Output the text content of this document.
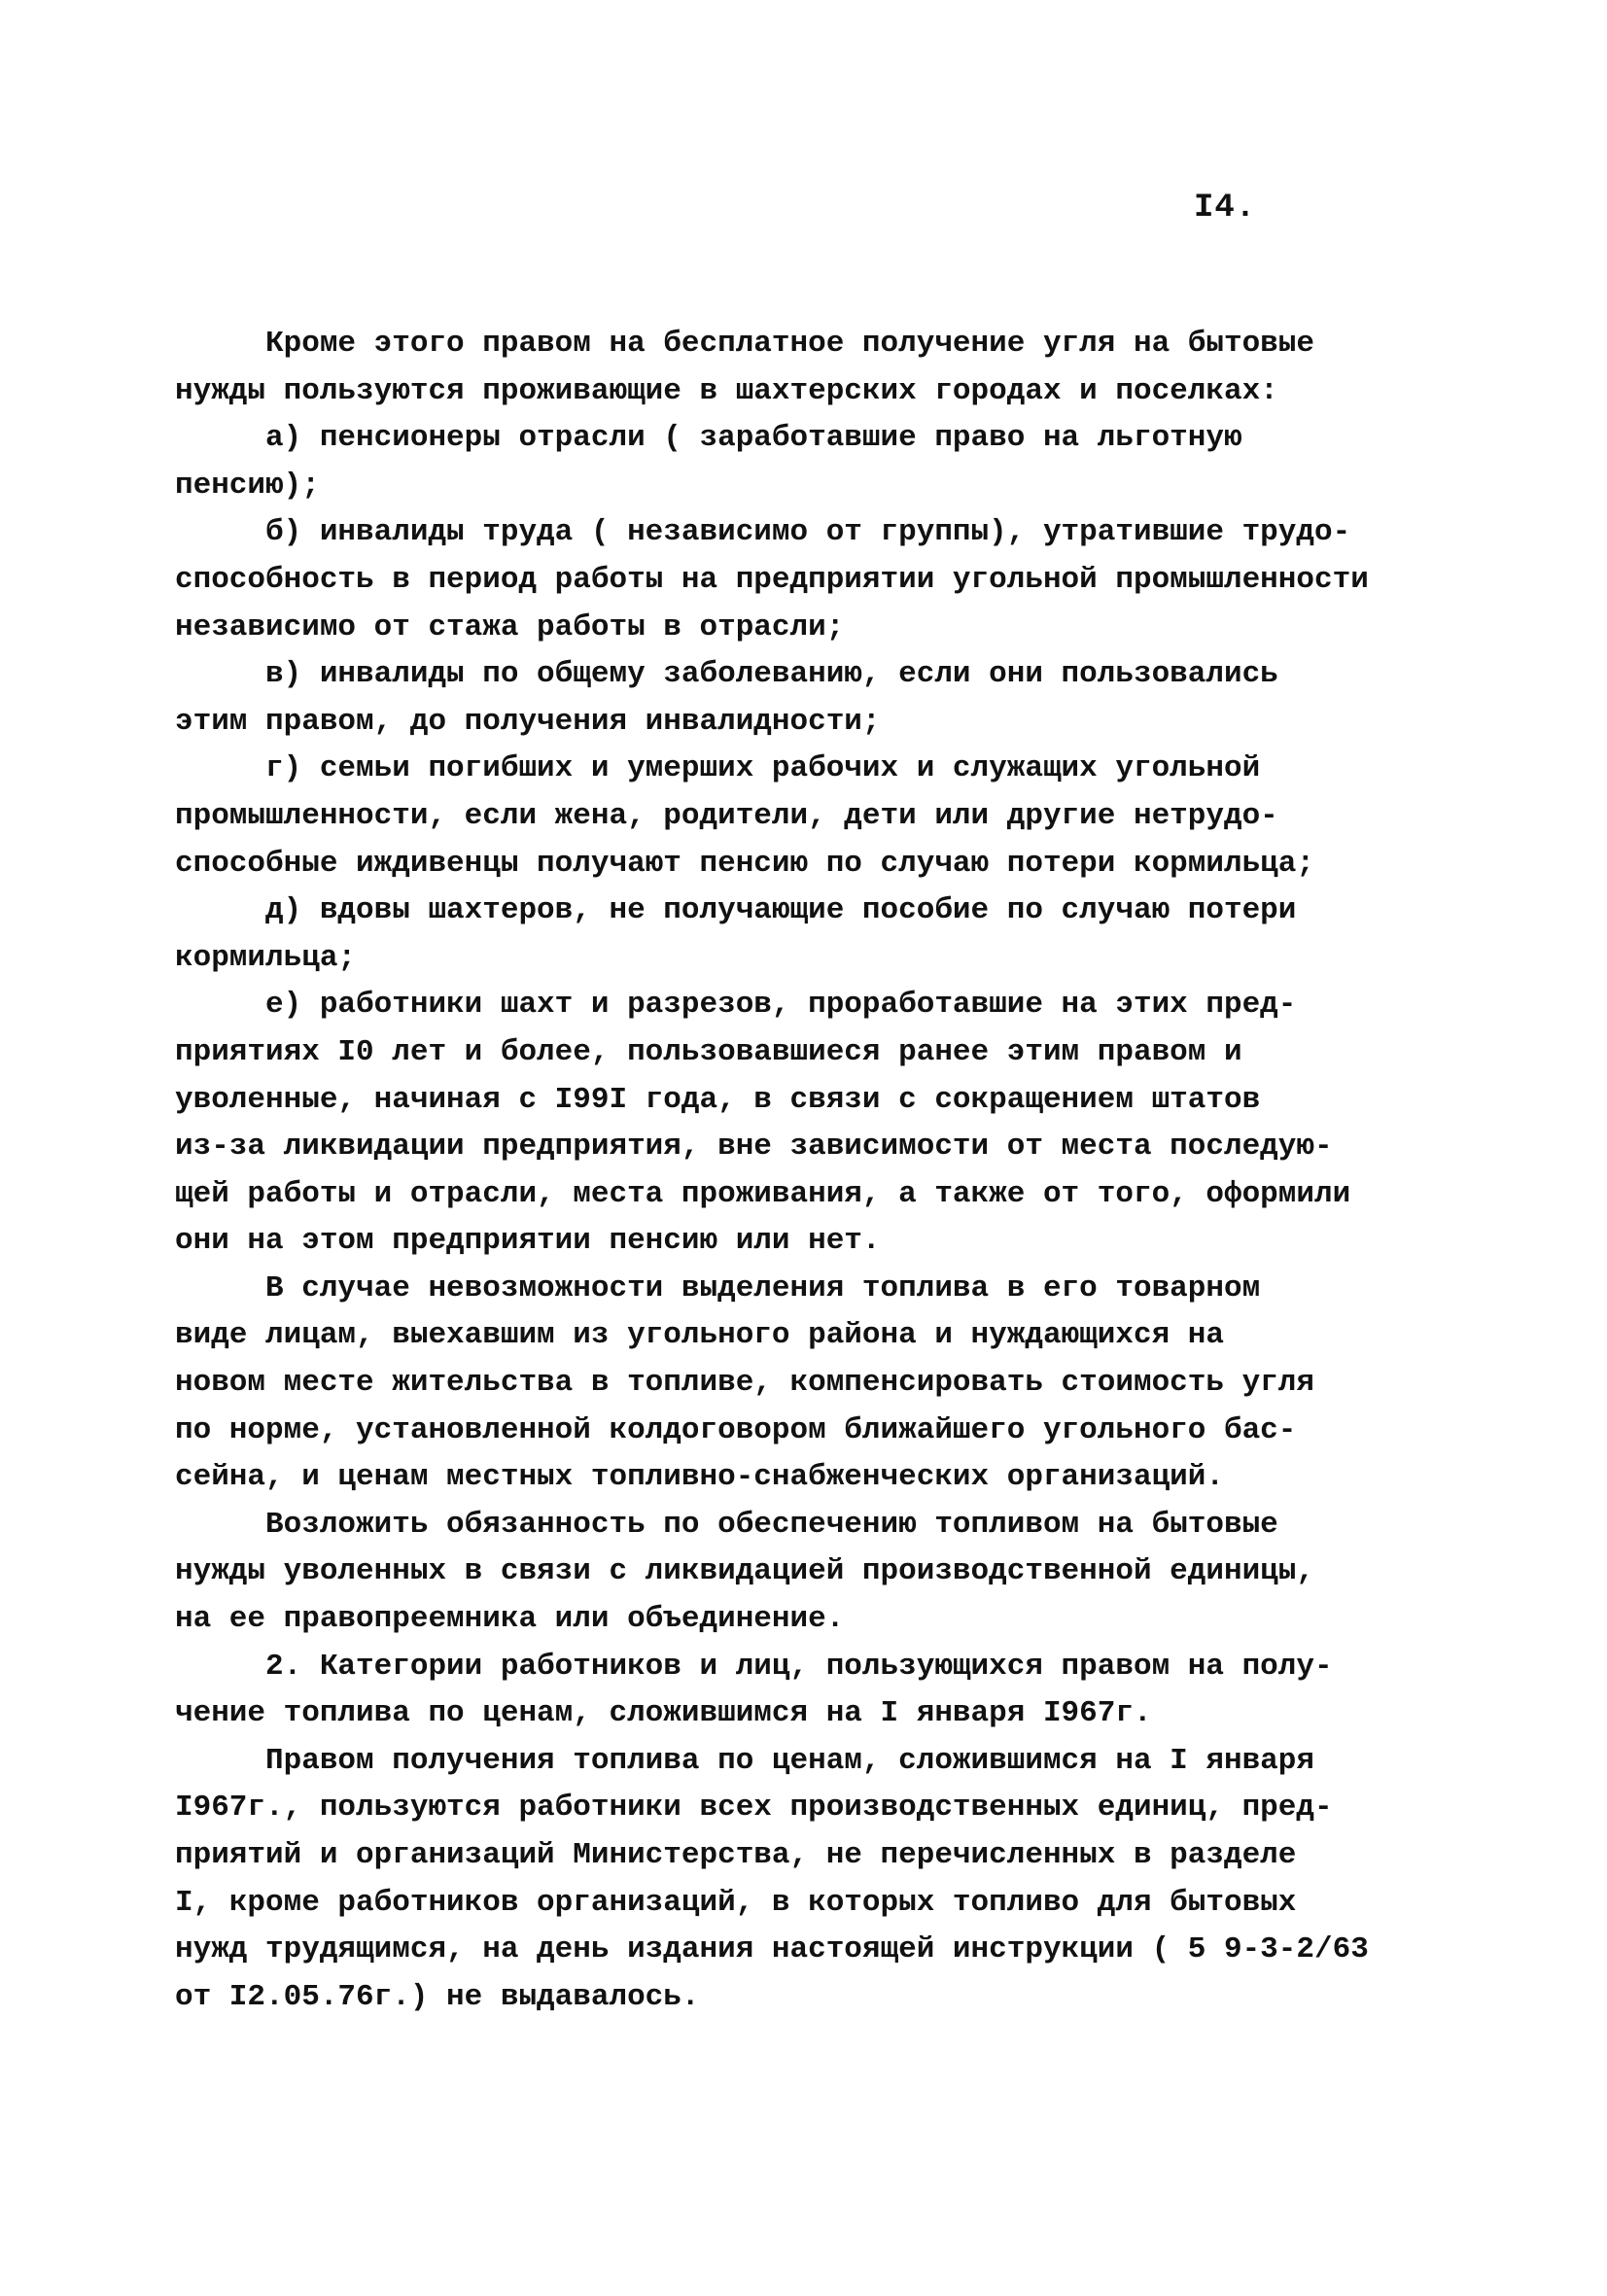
I4.
Кроме этого правом на бесплатное получение угля на бытовые
нужды пользуются проживающие в шахтерских городах и поселках:
а) пенсионеры отрасли ( заработавшие право на льготную
пенсию);
б) инвалиды труда ( независимо от группы), утратившие трудо-
способность в период работы на предприятии угольной промышленности
независимо от стажа работы в отрасли;
в) инвалиды по общему заболеванию, если они пользовались
этим правом, до получения инвалидности;
г) семьи погибших и умерших рабочих и служащих угольной
промышленности, если жена, родители, дети или другие нетрудо-
способные иждивенцы получают пенсию по случаю потери кормильца;
д) вдовы шахтеров, не получающие пособие по случаю потери
кормильца;
е) работники шахт и разрезов, проработавшие на этих пред-
приятиях I0 лет и более, пользовавшиеся ранее этим правом и
уволенные, начиная с I99I года, в связи с сокращением штатов
из-за ликвидации предприятия, вне зависимости от места последую-
щей работы и отрасли, места проживания, а также от того, оформили
они на этом предприятии пенсию или нет.
В случае невозможности выделения топлива в его товарном
виде лицам, выехавшим из угольного района и нуждающихся на
новом месте жительства в топливе, компенсировать стоимость угля
по норме, установленной колдоговором ближайшего угольного бас-
сейна, и ценам местных топливно-снабженческих организаций.
Возложить обязанность по обеспечению топливом на бытовые
нужды уволенных в связи с ликвидацией производственной единицы,
на ее правопреемника или объединение.
2. Категории работников и лиц, пользующихся правом на полу-
чение топлива по ценам, сложившимся на I января I967г.
Правом получения топлива по ценам, сложившимся на I января
I967г., пользуются работники всех производственных единиц, пред-
приятий и организаций Министерства, не перечисленных в разделе
I, кроме работников организаций, в которых топливо для бытовых
нужд трудящимся, на день издания настоящей инструкции ( 5 9-3-2/63
от I2.05.76г.) не выдавалось.
